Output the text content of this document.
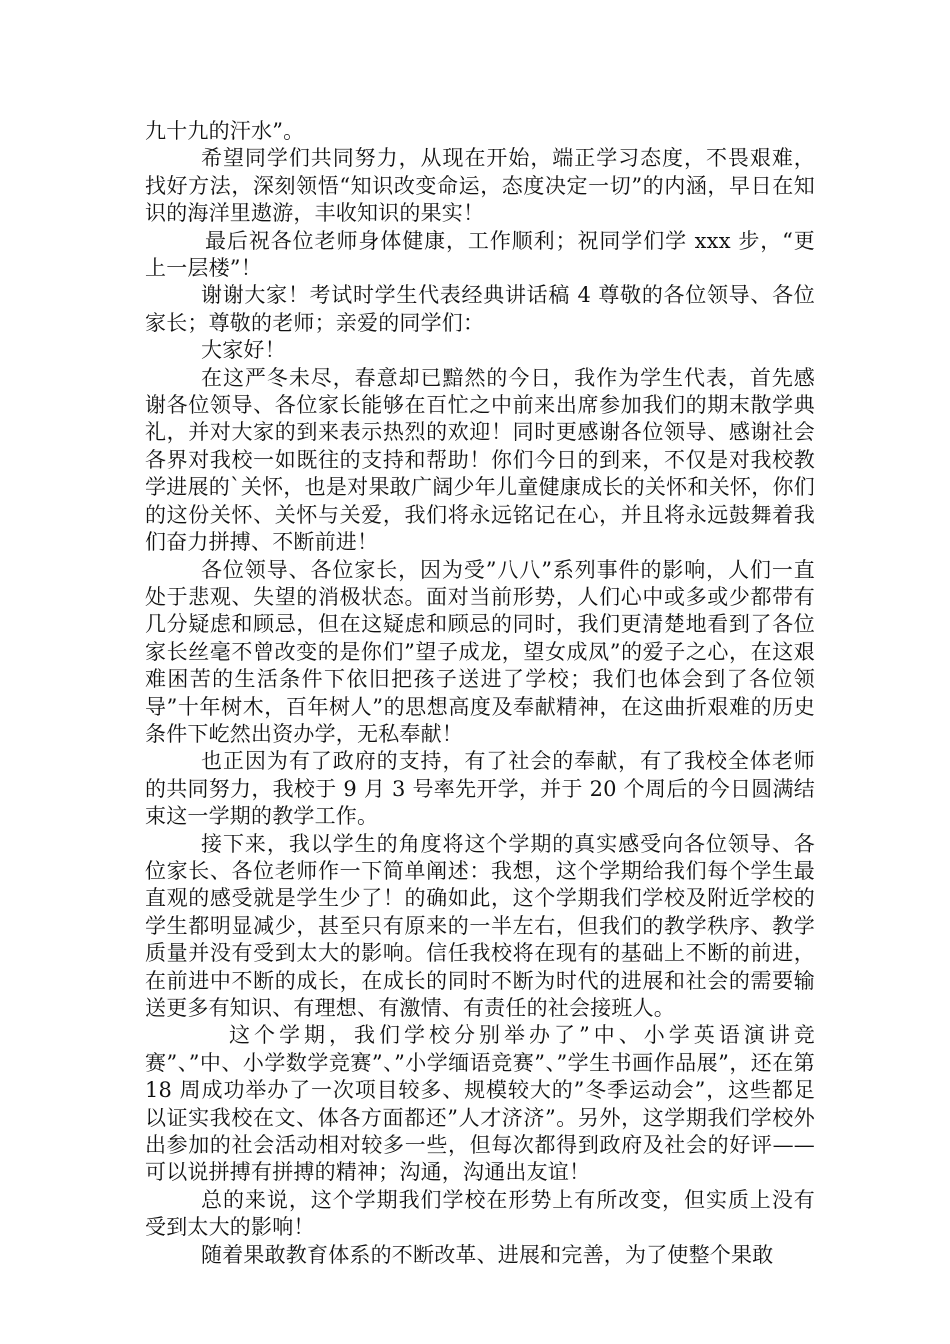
九十九的汗水”。

希望同学们共同努力，从现在开始，端正学习态度，不畏艰难，找好方法，深刻领悟“知识改变命运，态度决定一切”的内涵，早日在知识的海洋里遨游，丰收知识的果实！

最后祝各位老师身体健康，工作顺利；祝同学们学 xxx 步，“更上一层楼”！

谢谢大家！考试时学生代表经典讲话稿 4 尊敬的各位领导、各位家长；尊敬的老师；亲爱的同学们：

大家好！

在这严冬未尽，春意却已黯然的今日，我作为学生代表，首先感谢各位领导、各位家长能够在百忙之中前来出席参加我们的期末散学典礼，并对大家的到来表示热烈的欢迎！同时更感谢各位领导、感谢社会各界对我校一如既往的支持和帮助！你们今日的到来，不仅是对我校教学进展的`关怀，也是对果敢广阔少年儿童健康成长的关怀和关怀，你们的这份关怀、关怀与关爱，我们将永远铭记在心，并且将永远鼓舞着我们奋力拼搏、不断前进！

各位领导、各位家长，因为受”八八”系列事件的影响，人们一直处于悲观、失望的消极状态。面对当前形势，人们心中或多或少都带有几分疑虑和顾忌，但在这疑虑和顾忌的同时，我们更清楚地看到了各位家长丝毫不曾改变的是你们”望子成龙，望女成凤”的爱子之心，在这艰难困苦的生活条件下依旧把孩子送进了学校；我们也体会到了各位领导”十年树木，百年树人”的思想高度及奉献精神，在这曲折艰难的历史条件下屹然出资办学，无私奉献！

也正因为有了政府的支持，有了社会的奉献，有了我校全体老师的共同努力，我校于 9 月 3 号率先开学，并于 20 个周后的今日圆满结束这一学期的教学工作。

接下来，我以学生的角度将这个学期的真实感受向各位领导、各位家长、各位老师作一下简单阐述：我想，这个学期给我们每个学生最直观的感受就是学生少了！的确如此，这个学期我们学校及附近学校的学生都明显减少，甚至只有原来的一半左右，但我们的教学秩序、教学质量并没有受到太大的影响。信任我校将在现有的基础上不断的前进，在前进中不断的成长，在成长的同时不断为时代的进展和社会的需要输送更多有知识、有理想、有激情、有责任的社会接班人。

这个学期，我们学校分别举办了”中、小学英语演讲竞赛”、”中、小学数学竞赛”、”小学缅语竞赛”、”学生书画作品展”，还在第 18 周成功举办了一次项目较多、规模较大的”冬季运动会”，这些都足以证实我校在文、体各方面都还”人才济济”。另外，这学期我们学校外出参加的社会活动相对较多一些，但每次都得到政府及社会的好评——可以说拼搏有拼搏的精神；沟通，沟通出友谊！

总的来说，这个学期我们学校在形势上有所改变，但实质上没有受到太大的影响！

随着果敢教育体系的不断改革、进展和完善，为了使整个果敢
